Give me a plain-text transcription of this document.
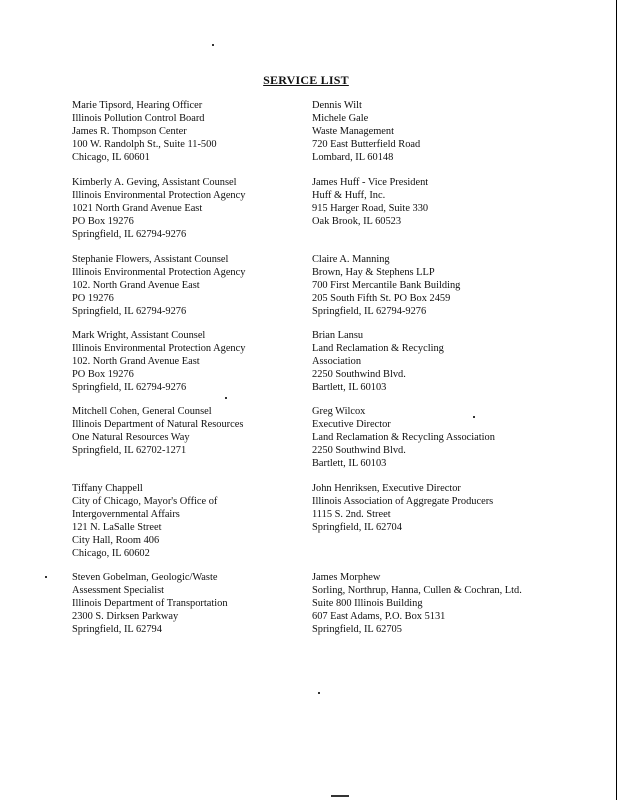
SERVICE LIST
Marie Tipsord, Hearing Officer
Illinois Pollution Control Board
James R. Thompson Center
100 W. Randolph St., Suite 11-500
Chicago, IL 60601
Kimberly A. Geving, Assistant Counsel
Illinois Environmental Protection Agency
1021 North Grand Avenue East
PO Box 19276
Springfield, IL 62794-9276
Stephanie Flowers, Assistant Counsel
Illinois Environmental Protection Agency
102. North Grand Avenue East
PO 19276
Springfield, IL 62794-9276
Mark Wright, Assistant Counsel
Illinois Environmental Protection Agency
102. North Grand Avenue East
PO Box 19276
Springfield, IL 62794-9276
Mitchell Cohen, General Counsel
Illinois Department of Natural Resources
One Natural Resources Way
Springfield, IL 62702-1271
Tiffany Chappell
City of Chicago, Mayor's Office of
Intergovernmental Affairs
121 N. LaSalle Street
City Hall, Room 406
Chicago, IL 60602
Steven Gobelman, Geologic/Waste
Assessment Specialist
Illinois Department of Transportation
2300 S. Dirksen Parkway
Springfield, IL 62794
Dennis Wilt
Michele Gale
Waste Management
720 East Butterfield Road
Lombard, IL 60148
James Huff - Vice President
Huff & Huff, Inc.
915 Harger Road, Suite 330
Oak Brook, IL 60523
Claire A. Manning
Brown, Hay & Stephens LLP
700 First Mercantile Bank Building
205 South Fifth St. PO Box 2459
Springfield, IL 62794-9276
Brian Lansu
Land Reclamation & Recycling
Association
2250 Southwind Blvd.
Bartlett, IL 60103
Greg Wilcox
Executive Director
Land Reclamation & Recycling Association
2250 Southwind Blvd.
Bartlett, IL 60103
John Henriksen, Executive Director
Illinois Association of Aggregate Producers
1115 S. 2nd. Street
Springfield, IL 62704
James Morphew
Sorling, Northrup, Hanna, Cullen & Cochran, Ltd.
Suite 800 Illinois Building
607 East Adams, P.O. Box 5131
Springfield, IL 62705
